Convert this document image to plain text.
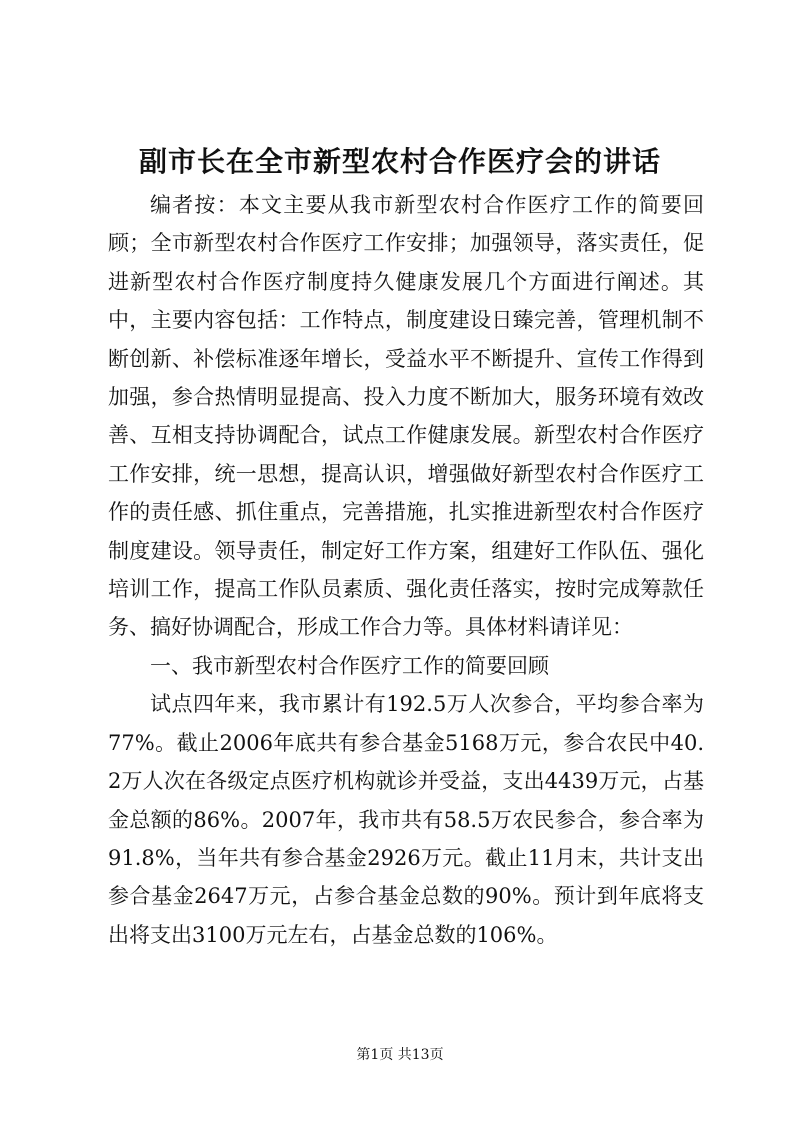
副市长在全市新型农村合作医疗会的讲话

编者按：本文主要从我市新型农村合作医疗工作的简要回顾；全市新型农村合作医疗工作安排；加强领导，落实责任，促进新型农村合作医疗制度持久健康发展几个方面进行阐述。其中，主要内容包括：工作特点，制度建设日臻完善，管理机制不断创新、补偿标准逐年增长，受益水平不断提升、宣传工作得到加强，参合热情明显提高、投入力度不断加大，服务环境有效改善、互相支持协调配合，试点工作健康发展。新型农村合作医疗工作安排，统一思想，提高认识，增强做好新型农村合作医疗工作的责任感、抓住重点，完善措施，扎实推进新型农村合作医疗制度建设。领导责任，制定好工作方案，组建好工作队伍、强化培训工作，提高工作队员素质、强化责任落实，按时完成筹款任务、搞好协调配合，形成工作合力等。具体材料请详见：

一、我市新型农村合作医疗工作的简要回顾

试点四年来，我市累计有192.5万人次参合，平均参合率为77%。截止2006年底共有参合基金5168万元，参合农民中40.2万人次在各级定点医疗机构就诊并受益，支出4439万元，占基金总额的86%。2007年，我市共有58.5万农民参合，参合率为91.8%，当年共有参合基金2926万元。截止11月末，共计支出参合基金2647万元，占参合基金总数的90%。预计到年底将支出将支出3100万元左右，占基金总数的106%。

第1页 共13页
